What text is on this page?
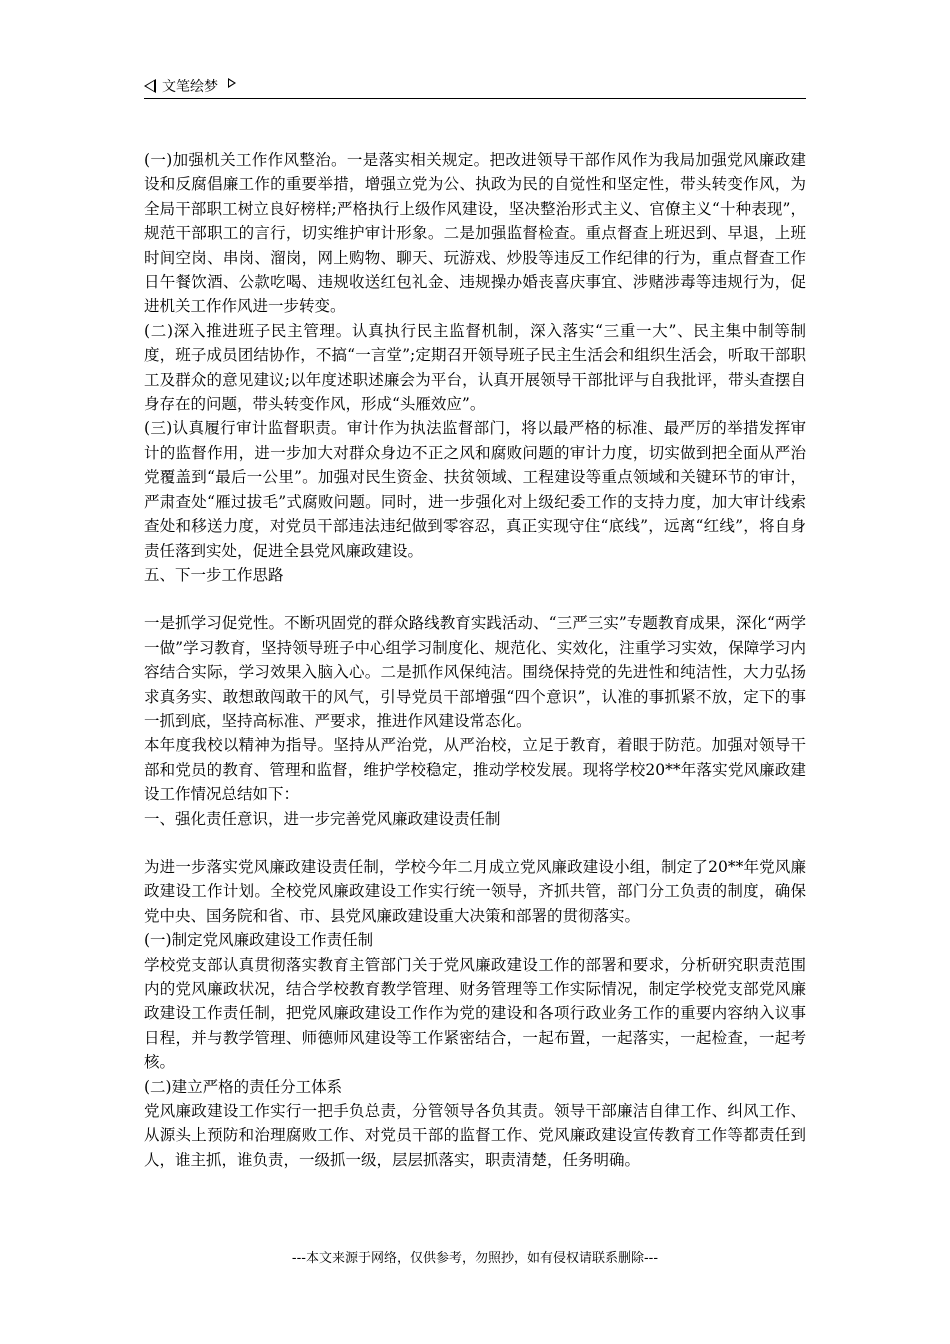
文笔绘梦

(一)加强机关工作作风整治。一是落实相关规定。把改进领导干部作风作为我局加强党风廉政建设和反腐倡廉工作的重要举措，增强立党为公、执政为民的自觉性和坚定性，带头转变作风，为全局干部职工树立良好榜样;严格执行上级作风建设，坚决整治形式主义、官僚主义“十种表现”，规范干部职工的言行，切实维护审计形象。二是加强监督检查。重点督查上班迟到、早退，上班时间空岗、串岗、溜岗，网上购物、聊天、玩游戏、炒股等违反工作纪律的行为，重点督查工作日午餐饮酒、公款吃喝、违规收送红包礼金、违规操办婚丧喜庆事宜、涉赌涉毒等违规行为，促进机关工作作风进一步转变。

(二)深入推进班子民主管理。认真执行民主监督机制，深入落实“三重一大”、民主集中制等制度，班子成员团结协作，不搞“一言堂”;定期召开领导班子民主生活会和组织生活会，听取干部职工及群众的意见建议;以年度述职述廉会为平台，认真开展领导干部批评与自我批评，带头查摆自身存在的问题，带头转变作风，形成“头雁效应”。

(三)认真履行审计监督职责。审计作为执法监督部门，将以最严格的标准、最严厉的举措发挥审计的监督作用，进一步加大对群众身边不正之风和腐败问题的审计力度，切实做到把全面从严治党覆盖到“最后一公里”。加强对民生资金、扶贫领域、工程建设等重点领域和关键环节的审计，严肃查处“雁过拔毛”式腐败问题。同时，进一步强化对上级纪委工作的支持力度，加大审计线索查处和移送力度，对党员干部违法违纪做到零容忍，真正实现守住“底线”，远离“红线”，将自身责任落到实处，促进全县党风廉政建设。

五、下一步工作思路

一是抓学习促党性。不断巩固党的群众路线教育实践活动、“三严三实”专题教育成果，深化“两学一做”学习教育，坚持领导班子中心组学习制度化、规范化、实效化，注重学习实效，保障学习内容结合实际，学习效果入脑入心。二是抓作风保纯洁。围绕保持党的先进性和纯洁性，大力弘扬求真务实、敢想敢闯敢干的风气，引导党员干部增强“四个意识”，认准的事抓紧不放，定下的事一抓到底，坚持高标准、严要求，推进作风建设常态化。

本年度我校以精神为指导。坚持从严治党，从严治校，立足于教育，着眼于防范。加强对领导干部和党员的教育、管理和监督，维护学校稳定，推动学校发展。现将学校20**年落实党风廉政建设工作情况总结如下：

一、强化责任意识，进一步完善党风廉政建设责任制

为进一步落实党风廉政建设责任制，学校今年二月成立党风廉政建设小组，制定了20**年党风廉政建设工作计划。全校党风廉政建设工作实行统一领导，齐抓共管，部门分工负责的制度，确保党中央、国务院和省、市、县党风廉政建设重大决策和部署的贯彻落实。

(一)制定党风廉政建设工作责任制

学校党支部认真贯彻落实教育主管部门关于党风廉政建设工作的部署和要求，分析研究职责范围内的党风廉政状况，结合学校教育教学管理、财务管理等工作实际情况，制定学校党支部党风廉政建设工作责任制，把党风廉政建设工作作为党的建设和各项行政业务工作的重要内容纳入议事日程，并与教学管理、师德师风建设等工作紧密结合，一起布置，一起落实，一起检查，一起考核。

(二)建立严格的责任分工体系

党风廉政建设工作实行一把手负总责，分管领导各负其责。领导干部廉洁自律工作、纠风工作、从源头上预防和治理腐败工作、对党员干部的监督工作、党风廉政建设宣传教育工作等都责任到人，谁主抓，谁负责，一级抓一级，层层抓落实，职责清楚，任务明确。

---本文来源于网络，仅供参考，勿照抄，如有侵权请联系删除---
